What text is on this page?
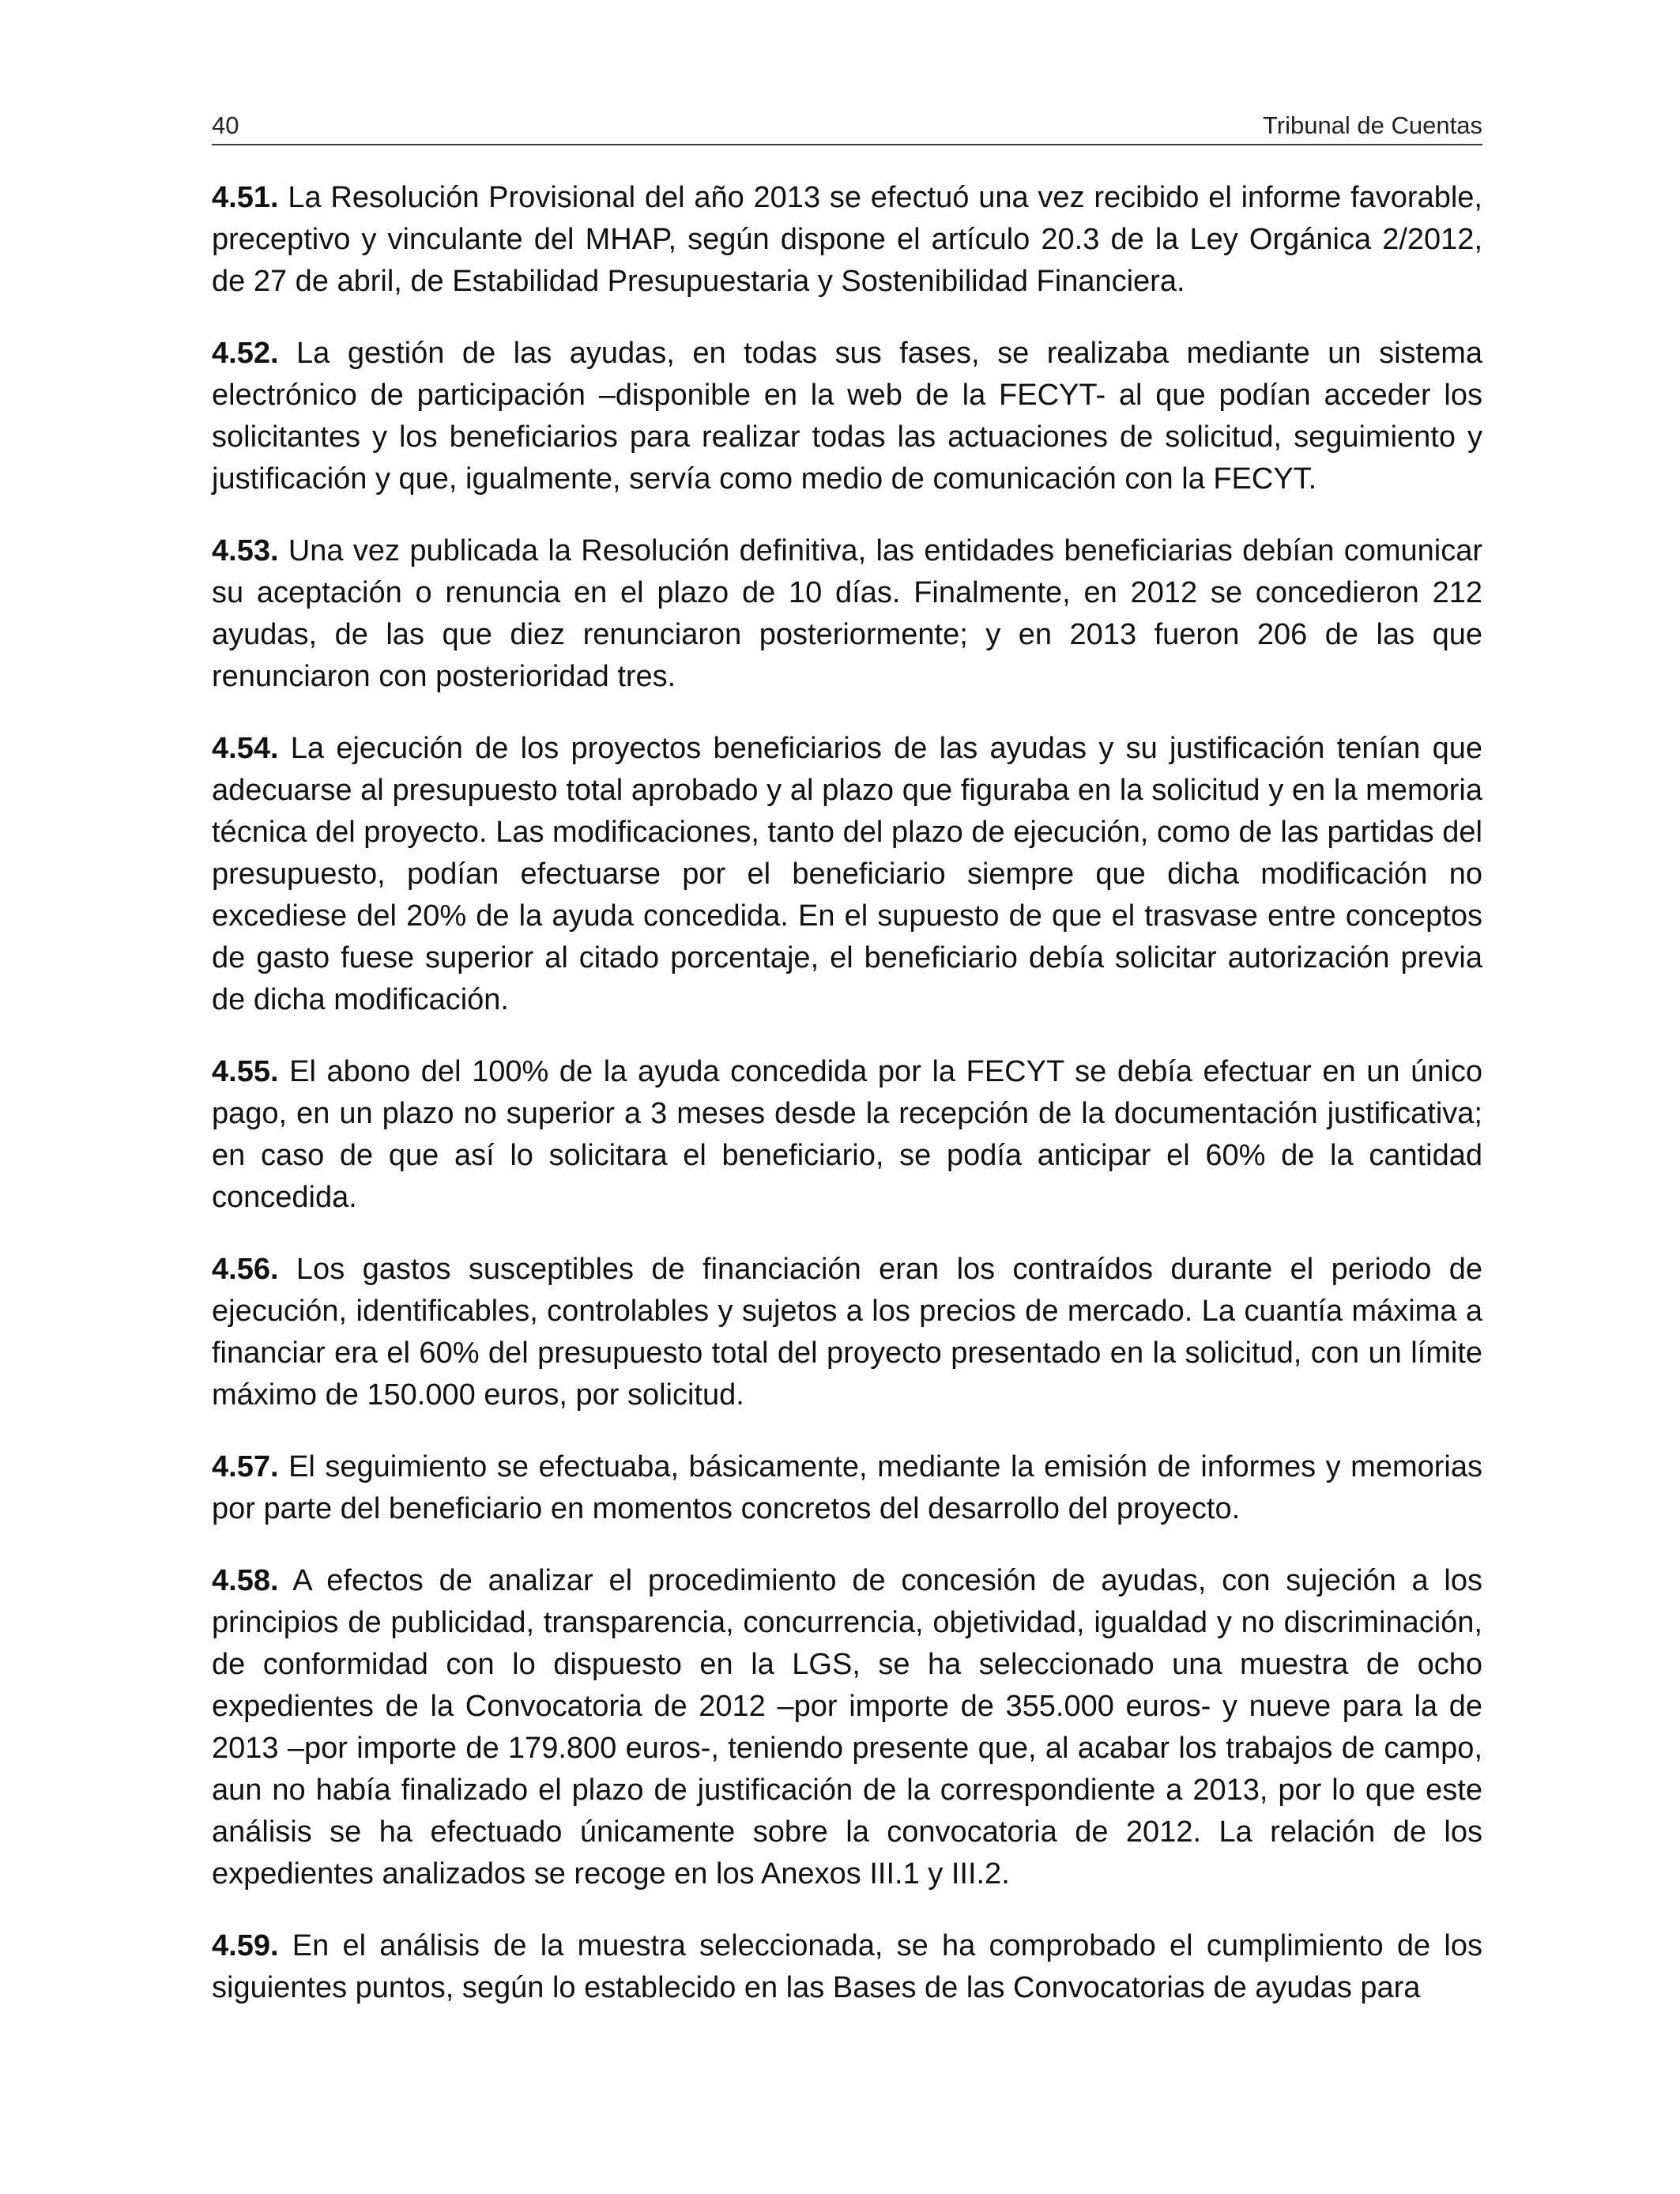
40	Tribunal de Cuentas

4.51. La Resolución Provisional del año 2013 se efectuó una vez recibido el informe favorable, preceptivo y vinculante del MHAP, según dispone el artículo 20.3 de la Ley Orgánica 2/2012, de 27 de abril, de Estabilidad Presupuestaria y Sostenibilidad Financiera.

4.52. La gestión de las ayudas, en todas sus fases, se realizaba mediante un sistema electrónico de participación –disponible en la web de la FECYT- al que podían acceder los solicitantes y los beneficiarios para realizar todas las actuaciones de solicitud, seguimiento y justificación y que, igualmente, servía como medio de comunicación con la FECYT.

4.53. Una vez publicada la Resolución definitiva, las entidades beneficiarias debían comunicar su aceptación o renuncia en el plazo de 10 días. Finalmente, en 2012 se concedieron 212 ayudas, de las que diez renunciaron posteriormente; y en 2013 fueron 206 de las que renunciaron con posterioridad tres.

4.54. La ejecución de los proyectos beneficiarios de las ayudas y su justificación tenían que adecuarse al presupuesto total aprobado y al plazo que figuraba en la solicitud y en la memoria técnica del proyecto. Las modificaciones, tanto del plazo de ejecución, como de las partidas del presupuesto, podían efectuarse por el beneficiario siempre que dicha modificación no excediese del 20% de la ayuda concedida. En el supuesto de que el trasvase entre conceptos de gasto fuese superior al citado porcentaje, el beneficiario debía solicitar autorización previa de dicha modificación.

4.55. El abono del 100% de la ayuda concedida por la FECYT se debía efectuar en un único pago, en un plazo no superior a 3 meses desde la recepción de la documentación justificativa; en caso de que así lo solicitara el beneficiario, se podía anticipar el 60% de la cantidad concedida.

4.56. Los gastos susceptibles de financiación eran los contraídos durante el periodo de ejecución, identificables, controlables y sujetos a los precios de mercado. La cuantía máxima a financiar era el 60% del presupuesto total del proyecto presentado en la solicitud, con un límite máximo de 150.000 euros, por solicitud.

4.57. El seguimiento se efectuaba, básicamente, mediante la emisión de informes y memorias por parte del beneficiario en momentos concretos del desarrollo del proyecto.

4.58. A efectos de analizar el procedimiento de concesión de ayudas, con sujeción a los principios de publicidad, transparencia, concurrencia, objetividad, igualdad y no discriminación, de conformidad con lo dispuesto en la LGS, se ha seleccionado una muestra de ocho expedientes de la Convocatoria de 2012 –por importe de 355.000 euros- y nueve para la de 2013 –por importe de 179.800 euros-, teniendo presente que, al acabar los trabajos de campo, aun no había finalizado el plazo de justificación de la correspondiente a 2013, por lo que este análisis se ha efectuado únicamente sobre la convocatoria de 2012. La relación de los expedientes analizados se recoge en los Anexos III.1 y III.2.

4.59. En el análisis de la muestra seleccionada, se ha comprobado el cumplimiento de los siguientes puntos, según lo establecido en las Bases de las Convocatorias de ayudas para
